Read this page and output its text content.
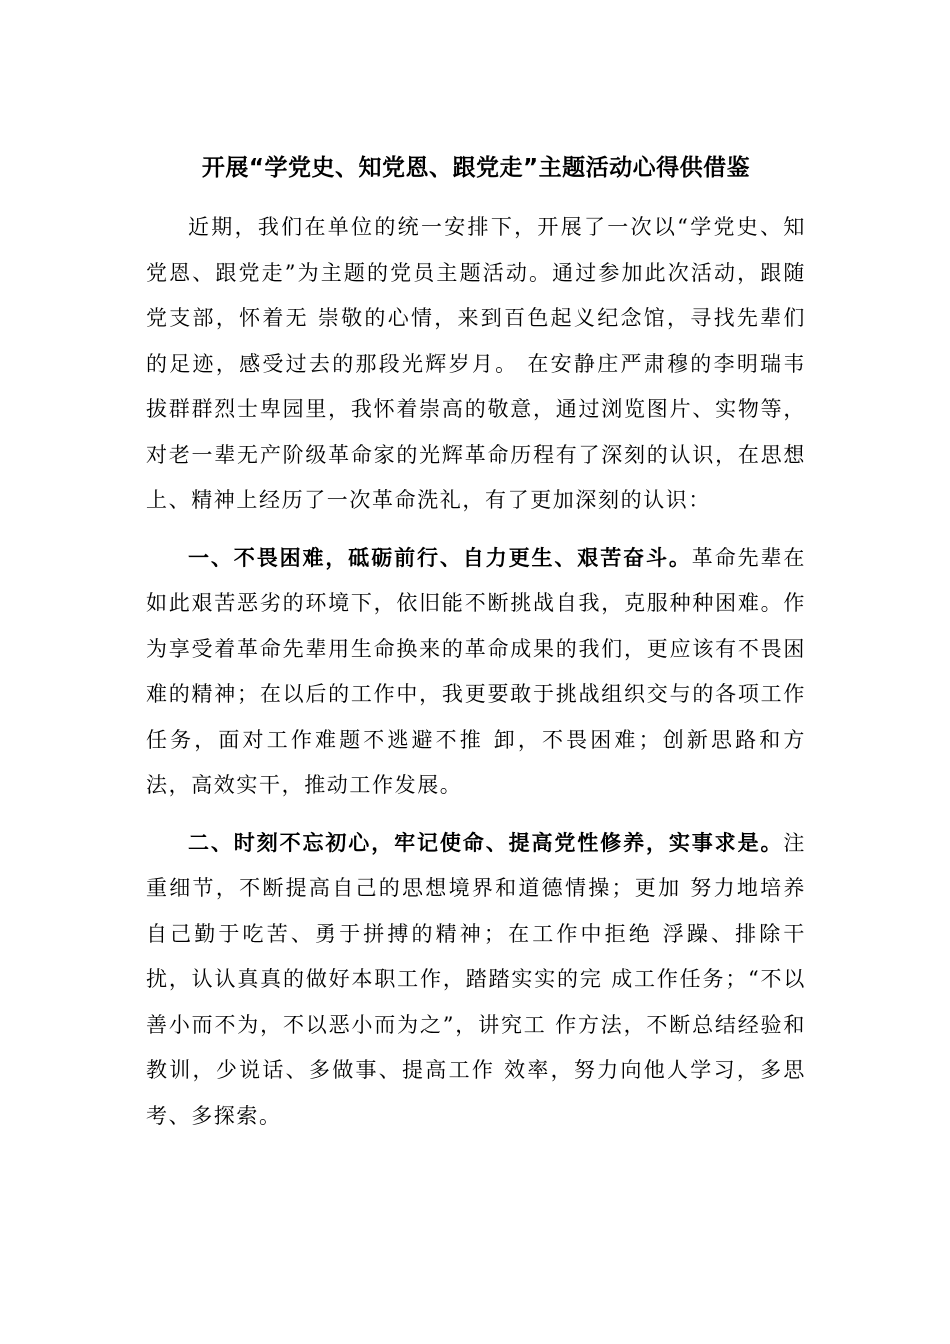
开展“学党史、知党恩、跟党走”主题活动心得供借鉴

近期，我们在单位的统一安排下，开展了一次以“学党史、知党恩、跟党走”为主题的党员主题活动。通过参加此次活动，跟随党支部，怀着无 崇敬的心情，来到百色起义纪念馆，寻找先辈们的足迹，感受过去的那段光辉岁月。 在安静庄严肃穆的李明瑞韦拔群群烈士卑园里，我怀着崇高的敬意，通过浏览图片、实物等，对老一辈无产阶级革命家的光辉革命历程有了深刻的认识，在思想上、精神上经历了一次革命洗礼，有了更加深刻的认识：

一、不畏困难，砥砺前行、自力更生、艰苦奋斗。革命先辈在如此艰苦恶劣的环境下，依旧能不断挑战自我，克服种种困难。作为享受着革命先辈用生命换来的革命成果的我们，更应该有不畏困难的精神；在以后的工作中，我更要敢于挑战组织交与的各项工作任务，面对工作难题不逃避不推 卸，不畏困难；创新思路和方法，高效实干，推动工作发展。

二、时刻不忘初心，牢记使命、提高党性修养，实事求是。注重细节，不断提高自己的思想境界和道德情操；更加 努力地培养自己勤于吃苦、勇于拼搏的精神；在工作中拒绝 浮躁、排除干扰，认认真真的做好本职工作，踏踏实实的完 成工作任务；“不以善小而不为，不以恶小而为之”，讲究工 作方法，不断总结经验和教训，少说话、多做事、提高工作 效率，努力向他人学习，多思考、多探索。
